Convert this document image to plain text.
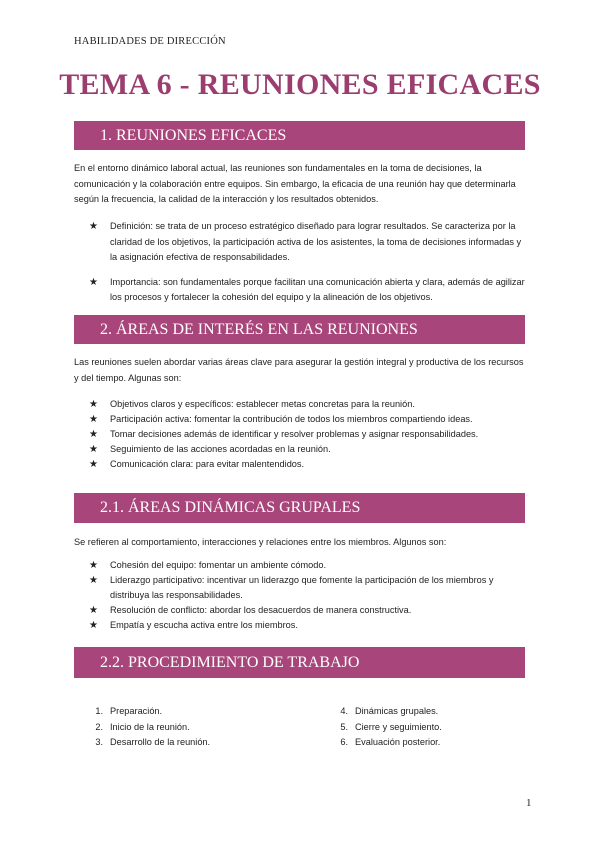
HABILIDADES DE DIRECCIÓN
TEMA 6 - REUNIONES EFICACES
1. REUNIONES EFICACES
En el entorno dinámico laboral actual, las reuniones son fundamentales en la toma de decisiones, la comunicación y la colaboración entre equipos. Sin embargo, la eficacia de una reunión hay que determinarla según la frecuencia, la calidad de la interacción y los resultados obtenidos.
★ Definición: se trata de un proceso estratégico diseñado para lograr resultados. Se caracteriza por la claridad de los objetivos, la participación activa de los asistentes, la toma de decisiones informadas y la asignación efectiva de responsabilidades.
★ Importancia: son fundamentales porque facilitan una comunicación abierta y clara, además de agilizar los procesos y fortalecer la cohesión del equipo y la alineación de los objetivos.
2. ÁREAS DE INTERÉS EN LAS REUNIONES
Las reuniones suelen abordar varias áreas clave para asegurar la gestión integral y productiva de los recursos y del tiempo. Algunas son:
★ Objetivos claros y específicos: establecer metas concretas para la reunión.
★ Participación activa: fomentar la contribución de todos los miembros compartiendo ideas.
★ Tomar decisiones además de identificar y resolver problemas y asignar responsabilidades.
★ Seguimiento de las acciones acordadas en la reunión.
★ Comunicación clara: para evitar malentendidos.
2.1. ÁREAS DINÁMICAS GRUPALES
Se refieren al comportamiento, interacciones y relaciones entre los miembros. Algunos son:
★ Cohesión del equipo: fomentar un ambiente cómodo.
★ Liderazgo participativo: incentivar un liderazgo que fomente la participación de los miembros y distribuya las responsabilidades.
★ Resolución de conflicto: abordar los desacuerdos de manera constructiva.
★ Empatía y escucha activa entre los miembros.
2.2. PROCEDIMIENTO DE TRABAJO
1. Preparación.
2. Inicio de la reunión.
3. Desarrollo de la reunión.
4. Dinámicas grupales.
5. Cierre y seguimiento.
6. Evaluación posterior.
1
